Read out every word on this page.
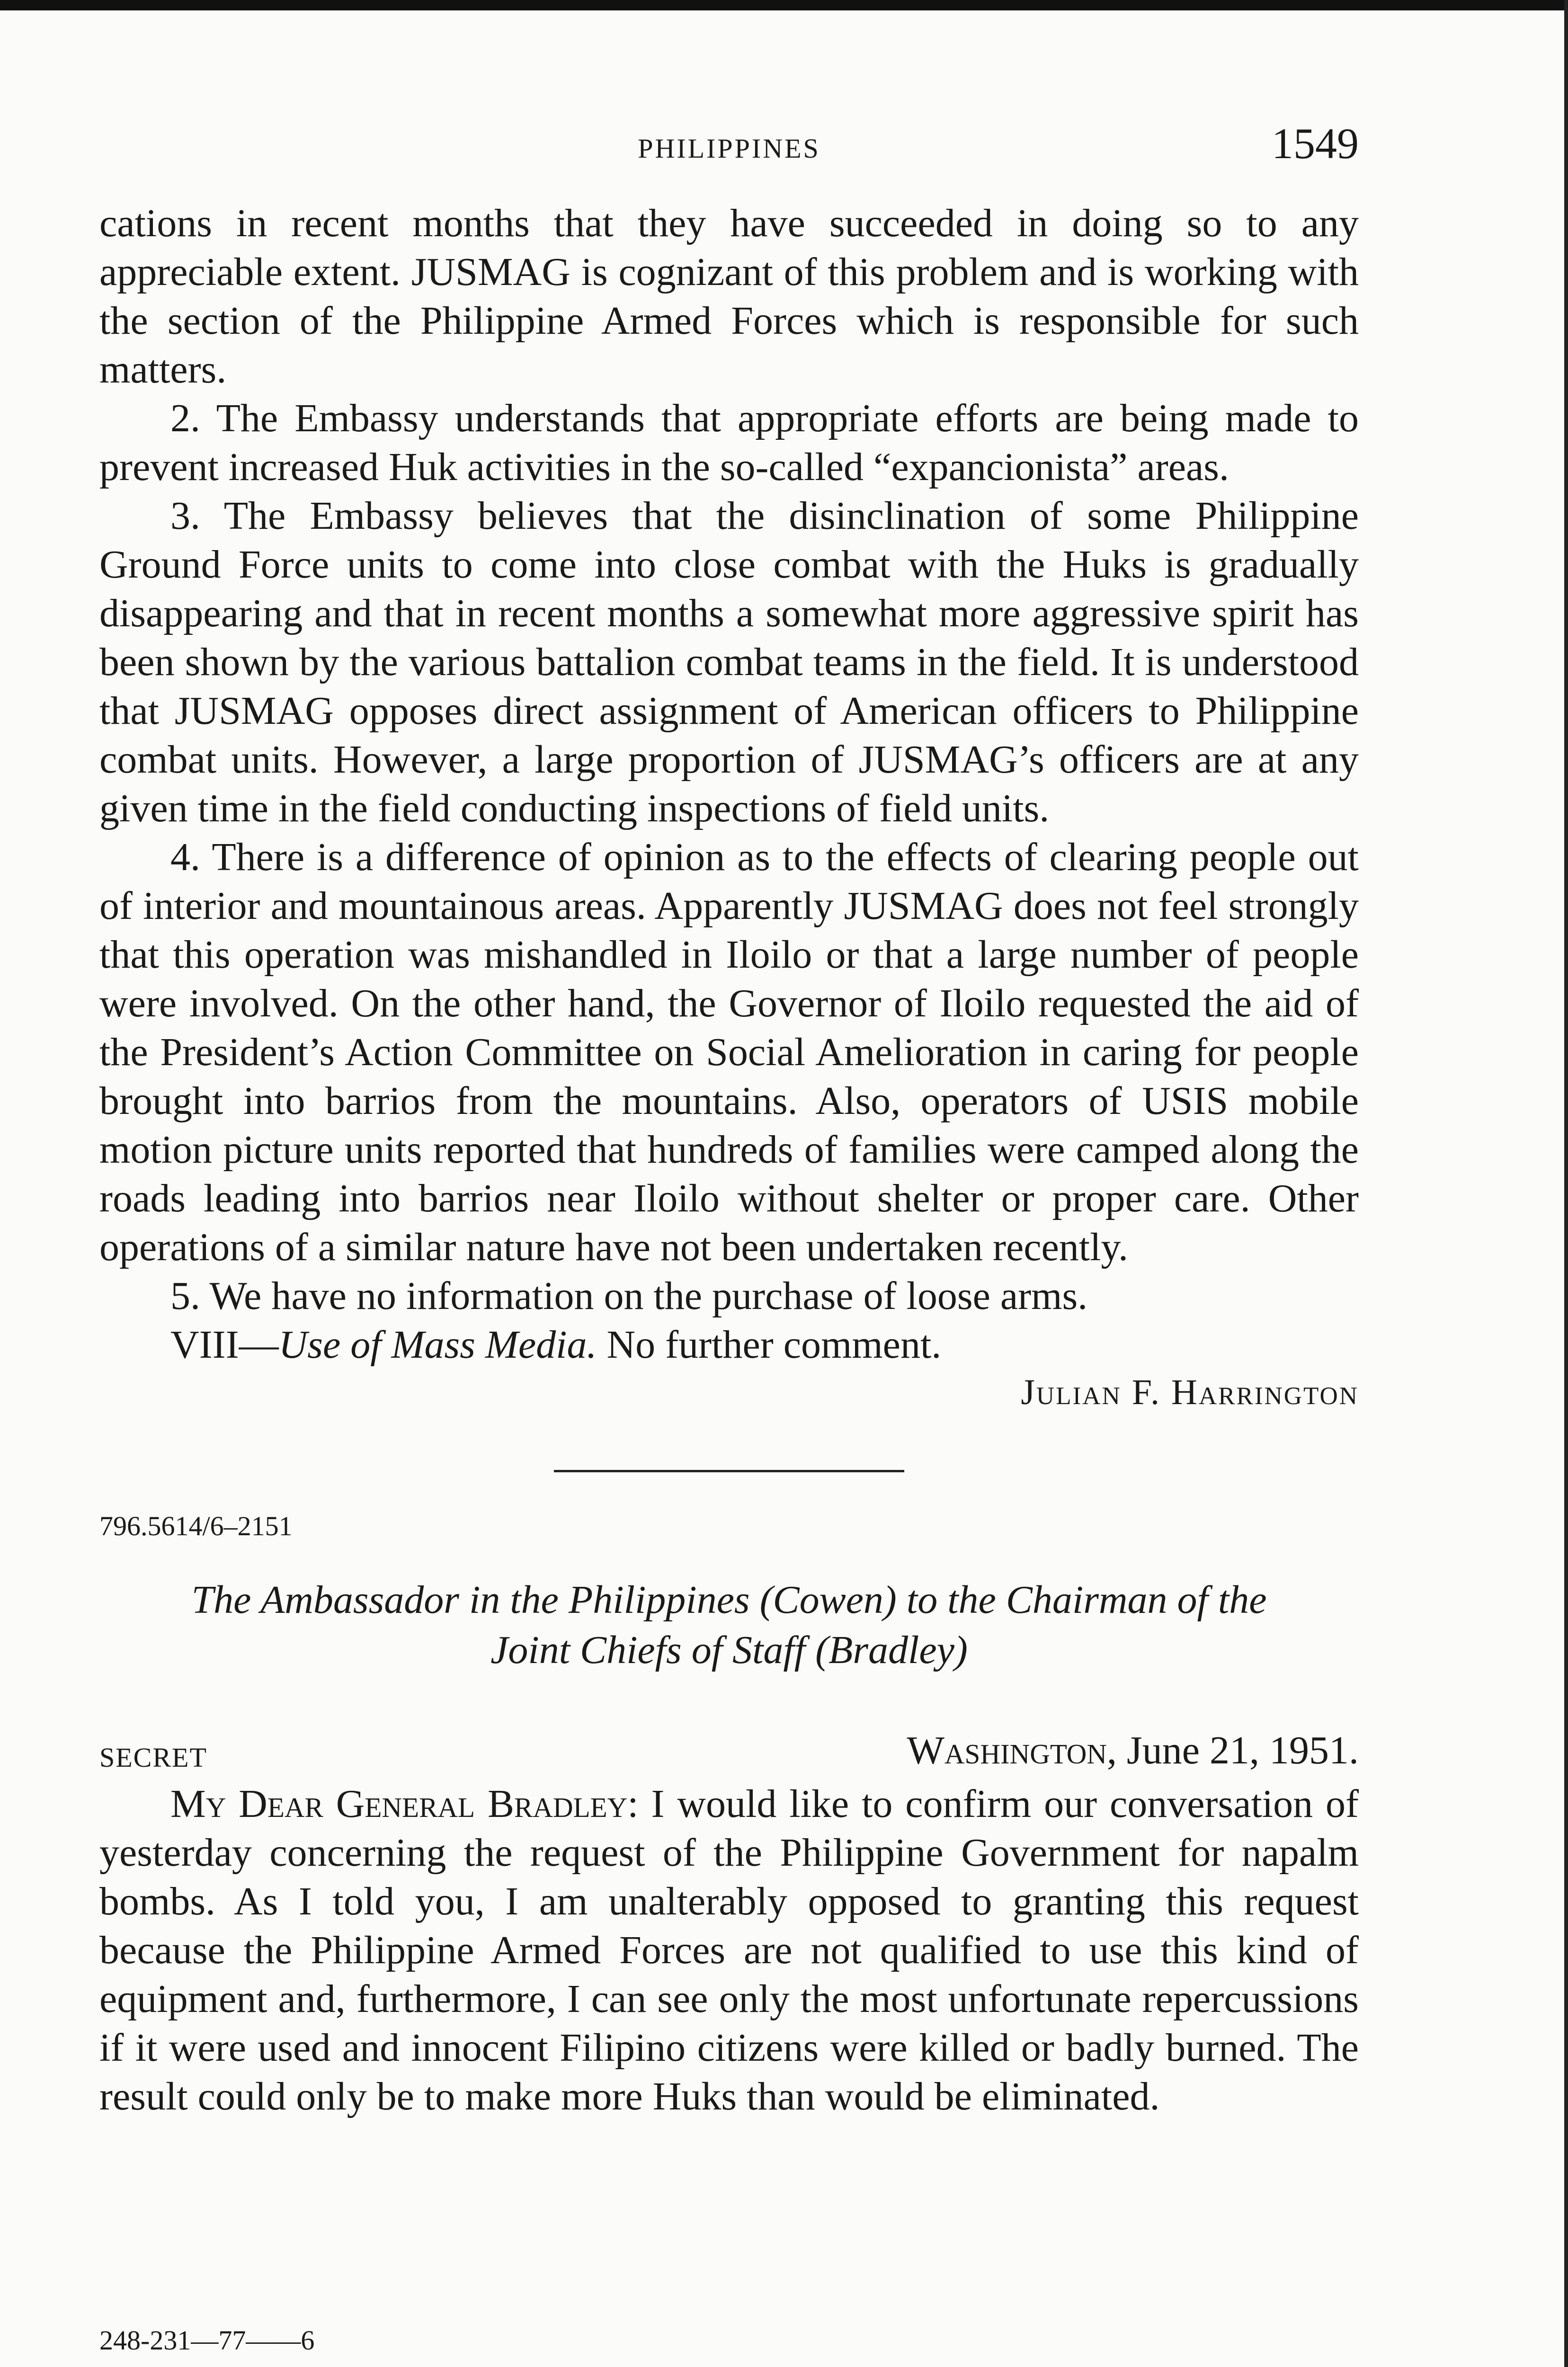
PHILIPPINES	1549

cations in recent months that they have succeeded in doing so to any appreciable extent. JUSMAG is cognizant of this problem and is working with the section of the Philippine Armed Forces which is responsible for such matters.

2. The Embassy understands that appropriate efforts are being made to prevent increased Huk activities in the so-called “expancionista” areas.

3. The Embassy believes that the disinclination of some Philippine Ground Force units to come into close combat with the Huks is gradually disappearing and that in recent months a somewhat more aggressive spirit has been shown by the various battalion combat teams in the field. It is understood that JUSMAG opposes direct assignment of American officers to Philippine combat units. However, a large proportion of JUSMAG’s officers are at any given time in the field conducting inspections of field units.

4. There is a difference of opinion as to the effects of clearing people out of interior and mountainous areas. Apparently JUSMAG does not feel strongly that this operation was mishandled in Iloilo or that a large number of people were involved. On the other hand, the Governor of Iloilo requested the aid of the President’s Action Committee on Social Amelioration in caring for people brought into barrios from the mountains. Also, operators of USIS mobile motion picture units reported that hundreds of families were camped along the roads leading into barrios near Iloilo without shelter or proper care. Other operations of a similar nature have not been undertaken recently.

5. We have no information on the purchase of loose arms.

VIII—Use of Mass Media. No further comment.

Julian F. Harrington
796.5614/6–2151
The Ambassador in the Philippines (Cowen) to the Chairman of the
Joint Chiefs of Staff (Bradley)
SECRET	Washington, June 21, 1951.

My Dear General Bradley: I would like to confirm our conversation of yesterday concerning the request of the Philippine Government for napalm bombs. As I told you, I am unalterably opposed to granting this request because the Philippine Armed Forces are not qualified to use this kind of equipment and, furthermore, I can see only the most unfortunate repercussions if it were used and innocent Filipino citizens were killed or badly burned. The result could only be to make more Huks than would be eliminated.

248-231—77——6
